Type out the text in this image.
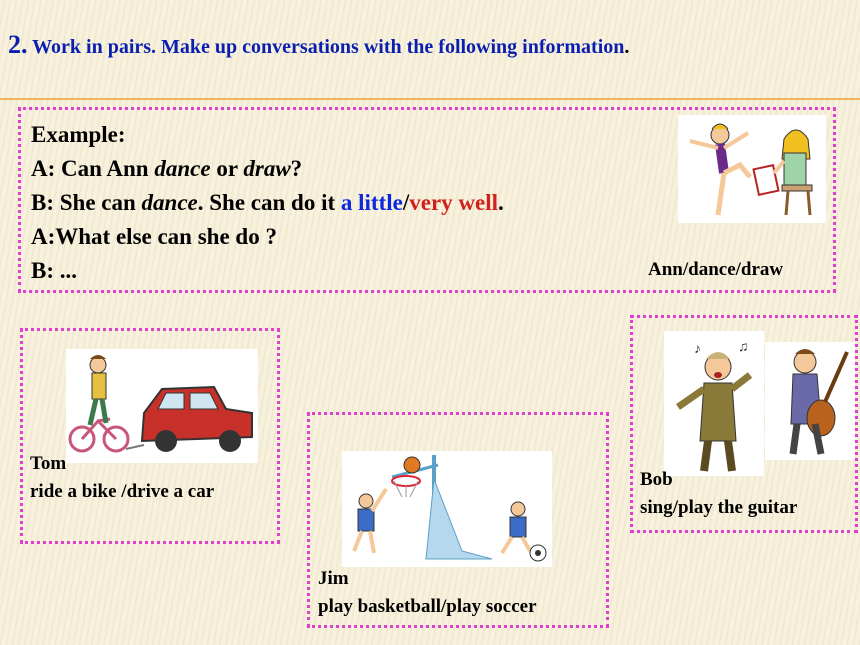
2. Work in pairs. Make up conversations with the following information.
Example:
A: Can Ann dance or draw?
B: She can dance. She can do it a little/very well.
A:What else can she do ?
B: ...	Ann/dance/draw
Tom
ride a bike /drive a car
Jim
play basketball/play soccer
♪	♫
Bob
sing/play the guitar
